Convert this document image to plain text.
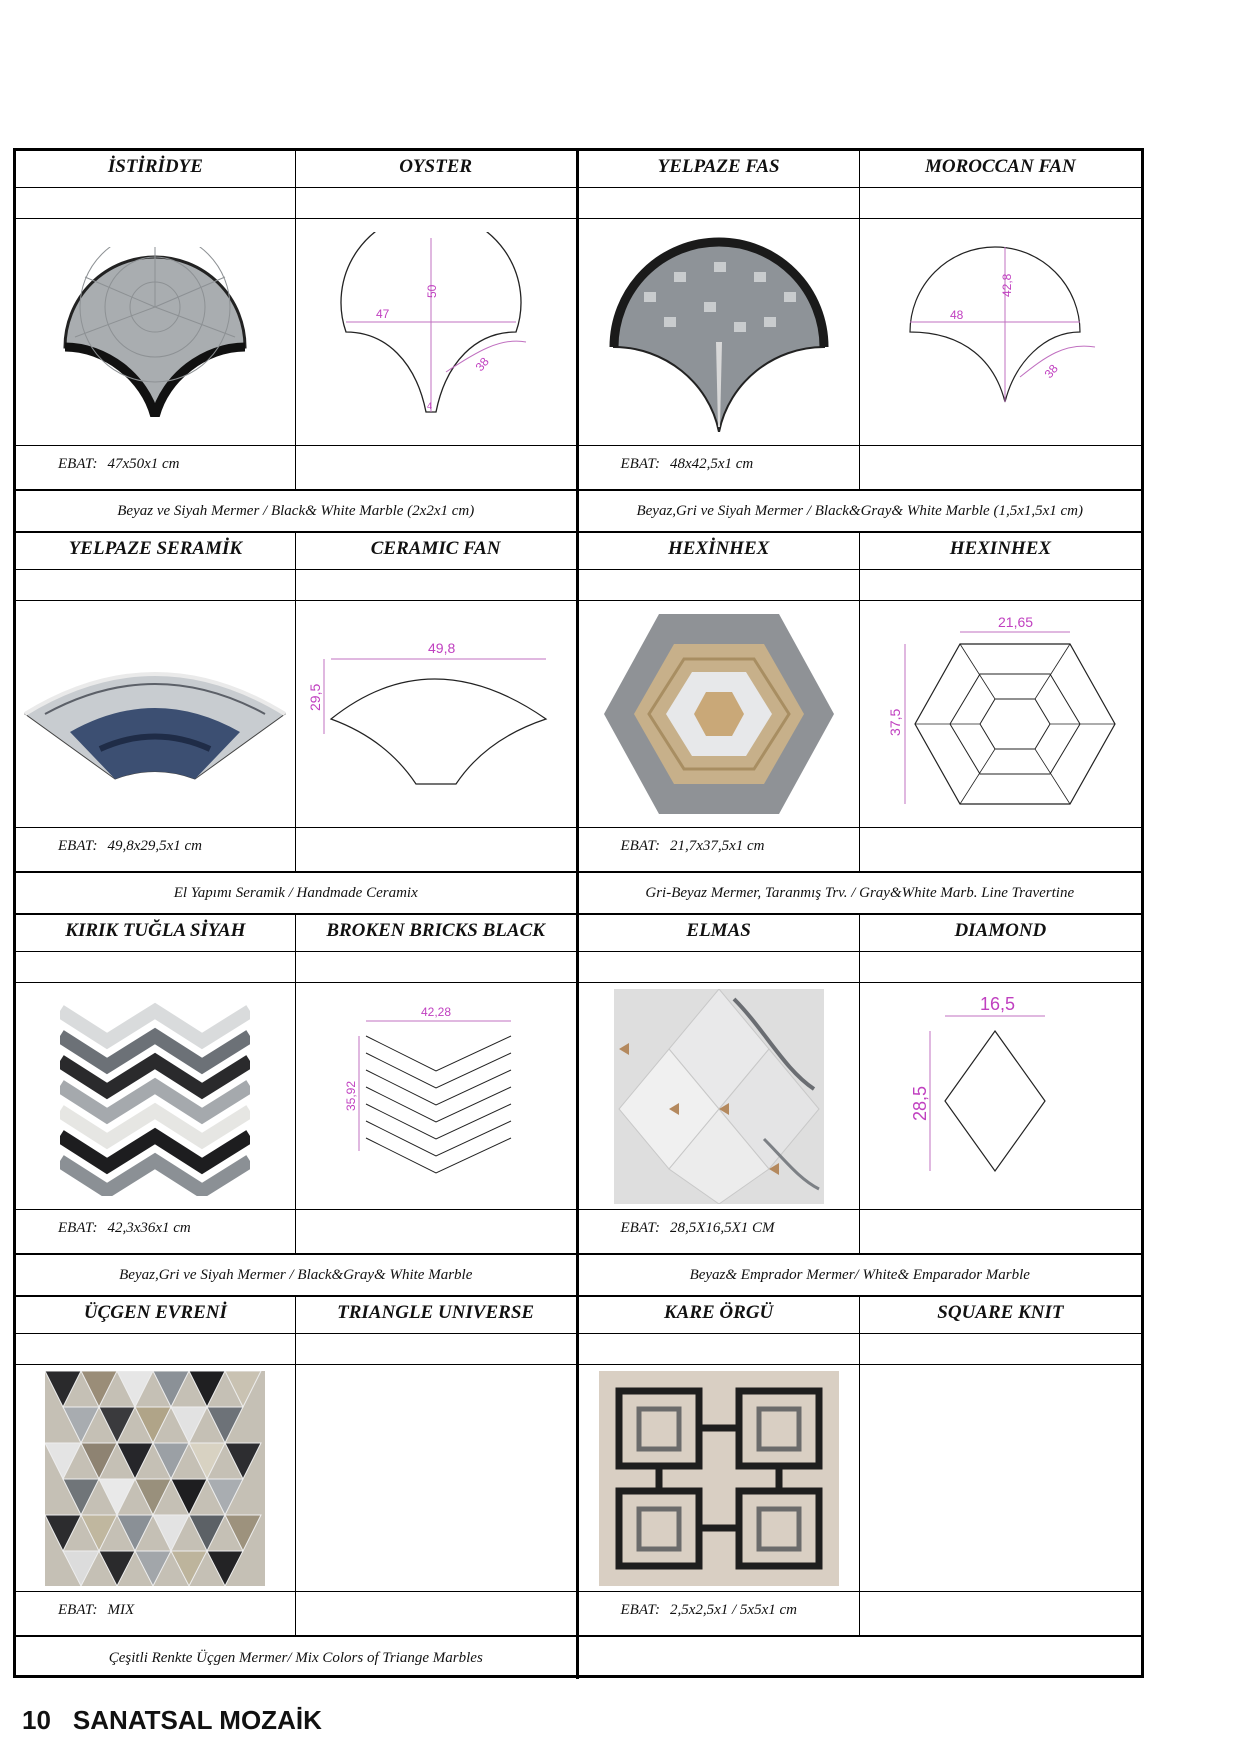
İSTİRİDYE	OYSTER
47
50
38
4
EBAT: 47x50x1 cm
Beyaz ve Siyah Mermer / Black& White Marble (2x2x1 cm)
YELPAZE FAS	MOROCCAN FAN
48
42,8
38
EBAT: 48x42,5x1 cm
Beyaz,Gri ve Siyah Mermer / Black&Gray& White Marble (1,5x1,5x1 cm)
YELPAZE SERAMİK	CERAMIC FAN
49,8
29,5
EBAT: 49,8x29,5x1 cm
El Yapımı Seramik / Handmade Ceramix
HEXİNHEX	HEXINHEX
21,65
37,5
EBAT: 21,7x37,5x1 cm
Gri-Beyaz Mermer, Taranmış Trv. / Gray&White Marb. Line Travertine
KIRIK TUĞLA SİYAH	BROKEN BRICKS BLACK
42,28
35,92
EBAT: 42,3x36x1 cm
Beyaz,Gri ve Siyah Mermer / Black&Gray& White Marble
ELMAS	DIAMOND
16,5
28,5
EBAT: 28,5X16,5X1 CM
Beyaz& Emprador Mermer/ White& Emparador Marble
ÜÇGEN EVRENİ	TRIANGLE UNIVERSE
EBAT: MIX
Çeşitli Renkte Üçgen Mermer/ Mix Colors of Triange Marbles
KARE ÖRGÜ	SQUARE KNIT
EBAT: 2,5x2,5x1 / 5x5x1 cm
10 SANATSAL MOZAİK
